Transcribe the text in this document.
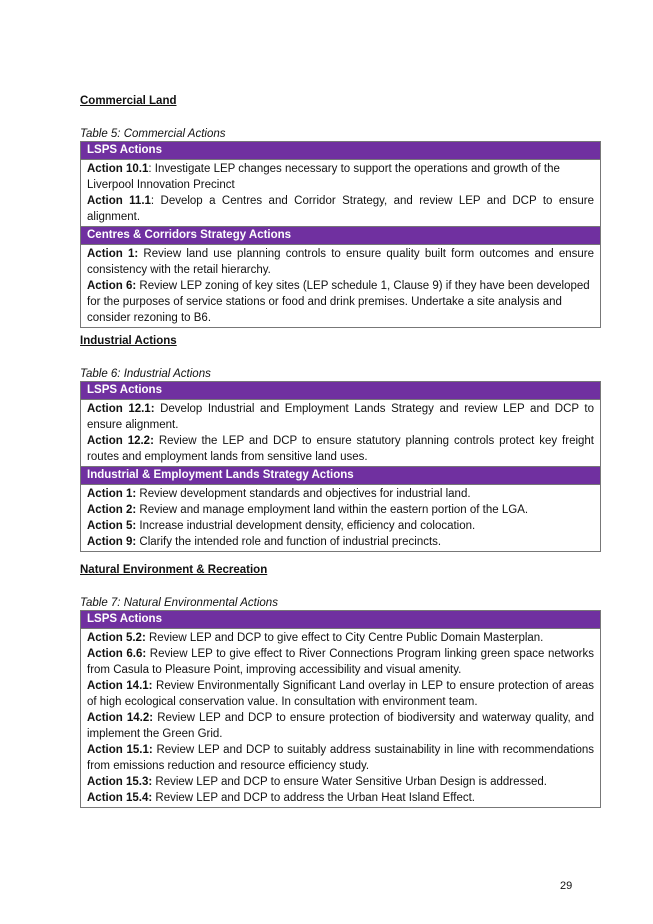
Commercial Land

Table 5: Commercial Actions

LSPS Actions

Action 10.1: Investigate LEP changes necessary to support the operations and growth of the Liverpool Innovation Precinct

Action 11.1: Develop a Centres and Corridor Strategy, and review LEP and DCP to ensure alignment.

Centres & Corridors Strategy Actions

Action 1: Review land use planning controls to ensure quality built form outcomes and ensure consistency with the retail hierarchy.

Action 6: Review LEP zoning of key sites (LEP schedule 1, Clause 9) if they have been developed for the purposes of service stations or food and drink premises. Undertake a site analysis and consider rezoning to B6.

Industrial Actions

Table 6: Industrial Actions

LSPS Actions

Action 12.1: Develop Industrial and Employment Lands Strategy and review LEP and DCP to ensure alignment.

Action 12.2: Review the LEP and DCP to ensure statutory planning controls protect key freight routes and employment lands from sensitive land uses.

Industrial & Employment Lands Strategy Actions

Action 1: Review development standards and objectives for industrial land.

Action 2: Review and manage employment land within the eastern portion of the LGA.

Action 5: Increase industrial development density, efficiency and colocation.

Action 9: Clarify the intended role and function of industrial precincts.

Natural Environment & Recreation

Table 7: Natural Environmental Actions

LSPS Actions

Action 5.2: Review LEP and DCP to give effect to City Centre Public Domain Masterplan.

Action 6.6: Review LEP to give effect to River Connections Program linking green space networks from Casula to Pleasure Point, improving accessibility and visual amenity.

Action 14.1: Review Environmentally Significant Land overlay in LEP to ensure protection of areas of high ecological conservation value. In consultation with environment team.

Action 14.2: Review LEP and DCP to ensure protection of biodiversity and waterway quality, and implement the Green Grid.

Action 15.1: Review LEP and DCP to suitably address sustainability in line with recommendations from emissions reduction and resource efficiency study.

Action 15.3: Review LEP and DCP to ensure Water Sensitive Urban Design is addressed.

Action 15.4: Review LEP and DCP to address the Urban Heat Island Effect.

29
